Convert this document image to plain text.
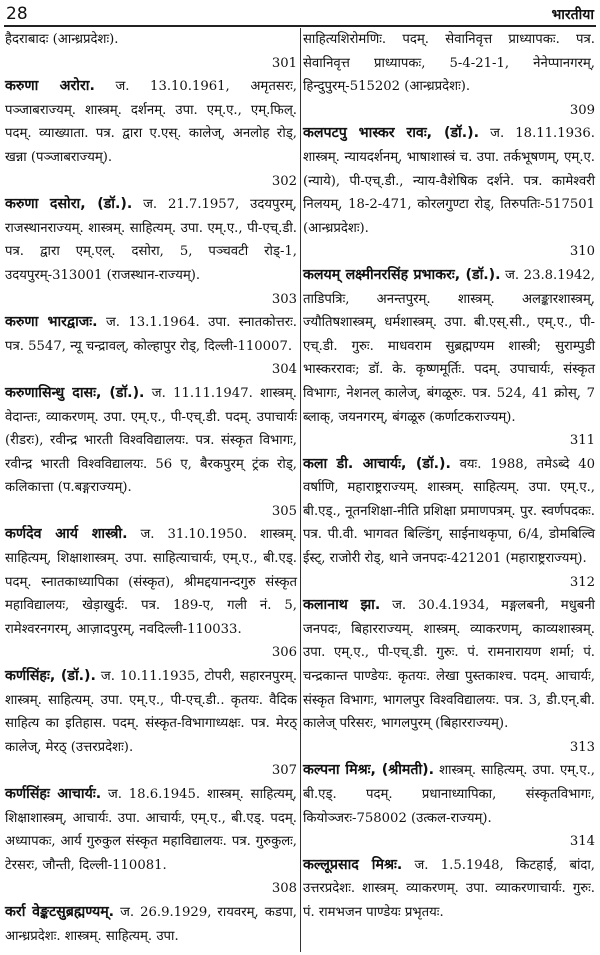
28	भारतीया

हैदराबादः (आन्ध्रप्रदेशः).
301

करुणा अरोरा. ज. 13.10.1961, अमृतसरः, पञ्जाबराज्यम्. शास्त्रम्. दर्शनम्. उपा. एम्.ए., एम्.फिल्. पदम्. व्याख्याता. पत्र. द्वारा ए.एस्. कालेज्, अनलोह रोड्, खन्ना (पञ्जाबराज्यम्).
302

करुणा दसोरा, (डॉ.). ज. 21.7.1957, उदयपुरम्, राजस्थानराज्यम्. शास्त्रम्. साहित्यम्. उपा. एम्.ए., पी-एच्.डी. पत्र. द्वारा एम्.एल्. दसोरा, 5, पञ्चवटी रोड्-1, उदयपुरम्-313001 (राजस्थान-राज्यम्).
303

करुणा भारद्वाजः. ज. 13.1.1964. उपा. स्नातकोत्तरः. पत्र. 5547, न्यू चन्द्रावल्, कोल्हापुर रोड्, दिल्ली-110007.
304

करुणासिन्धु दासः, (डॉ.). ज. 11.11.1947. शास्त्रम्. वेदान्तः, व्याकरणम्. उपा. एम्.ए., पी-एच्.डी. पदम्. उपाचार्यः (रीडरः), रवीन्द्र भारती विश्वविद्यालयः. पत्र. संस्कृत विभागः, रवीन्द्र भारती विश्वविद्यालयः. 56 ए, बैरकपुरम् ट्रंक रोड्, कलिकात्ता (प.बङ्गराज्यम्).
305

कर्णदेव आर्य शास्त्री. ज. 31.10.1950. शास्त्रम्. साहित्यम्, शिक्षाशास्त्रम्. उपा. साहित्याचार्यः, एम्.ए., बी.एड्. पदम्. स्नातकाध्यापिका (संस्कृत), श्रीमद्दयानन्दगुरु संस्कृत महाविद्यालयः, खेड़ाखुर्दः. पत्र. 189-ए, गली नं. 5, रामेश्वरनगरम्, आज़ादपुरम्, नवदिल्ली-110033.
306

कर्णसिंहः, (डॉ.). ज. 10.11.1935, टोपरी, सहारनपुरम्. शास्त्रम्. साहित्यम्. उपा. एम्.ए., पी-एच्.डी.. कृतयः. वैदिक साहित्य का इतिहास. पदम्. संस्कृत-विभागाध्यक्षः. पत्र. मेरठ् कालेज्, मेरठ् (उत्तरप्रदेशः).
307

कर्णसिंहः आचार्यः. ज. 18.6.1945. शास्त्रम्. साहित्यम्, शिक्षाशास्त्रम्, आचार्यः. उपा. आचार्यः, एम्.ए., बी.एड्. पदम्. अध्यापकः, आर्य गुरुकुल संस्कृत महाविद्यालयः. पत्र. गुरुकुलः, टेरसरः, जौन्ती, दिल्ली-110081.
308

कर्रा वेङ्कटसुब्रह्मण्यम्. ज. 26.9.1929, रायवरम्, कडपा, आन्ध्रप्रदेशः. शास्त्रम्. साहित्यम्. उपा.

साहित्यशिरोमणिः. पदम्. सेवानिवृत्त प्राध्यापकः. पत्र. सेवानिवृत्त प्राध्यापकः, 5-4-21-1, नेनेप्पानगरम्, हिन्दुपुरम्-515202 (आन्ध्रप्रदेशः).
309

कलपटपु भास्कर रावः, (डॉ.). ज. 18.11.1936. शास्त्रम्. न्यायदर्शनम्, भाषाशास्त्रं च. उपा. तर्कभूषणम्, एम्.ए. (न्याये), पी-एच्.डी., न्याय-वैशेषिक दर्शने. पत्र. कामेश्वरी निलयम्, 18-2-471, कोरलगुण्टा रोड्, तिरुपतिः-517501 (आन्ध्रप्रदेशः).
310

कलयम् लक्ष्मीनरसिंह प्रभाकरः, (डॉ.). ज. 23.8.1942, ताडिपत्रिः, अनन्तपुरम्. शास्त्रम्. अलङ्कारशास्त्रम्, ज्यौतिषशास्त्रम्, धर्मशास्त्रम्. उपा. बी.एस्.सी., एम्.ए., पी-एच्.डी. गुरुः. माधवराम सुब्रह्मण्यम शास्त्री; सुराम्पुडी भास्कररावः; डॉ. के. कृष्णमूर्तिः. पदम्. उपाचार्यः, संस्कृत विभागः, नेशनल् कालेज्, बंगळूरुः. पत्र. 524, 41 क्रोस्, 7 ब्लाक्, जयनगरम्, बंगळूरु (कर्णाटकराज्यम्).
311

कला डी. आचार्यः, (डॉ.). वयः. 1988, तमेऽब्दे 40 वर्षाणि, महाराष्ट्रराज्यम्. शास्त्रम्. साहित्यम्. उपा. एम्.ए., बी.एड्., नूतनशिक्षा-नीति प्रशिक्षा प्रमाणपत्रम्. पुर. स्वर्णपदकः. पत्र. पी.वी. भागवत बिल्डिंग्, साईनाथकृपा, 6/4, डोमबिल्वि ईस्ट्, राजोरी रोड्, थाने जनपदः-421201 (महाराष्ट्रराज्यम्).
312

कलानाथ झा. ज. 30.4.1934, मङ्गलबनी, मधुबनी जनपदः, बिहारराज्यम्. शास्त्रम्. व्याकरणम्, काव्यशास्त्रम्. उपा. एम्.ए., पी-एच्.डी. गुरुः. पं. रामनारायण शर्मा; पं. चन्द्रकान्त पाण्डेयः. कृतयः. लेखा पुस्तकाश्च. पदम्. आचार्यः, संस्कृत विभागः, भागलपुर विश्वविद्यालयः. पत्र. 3, डी.एन्.बी. कालेज् परिसरः, भागलपुरम् (बिहारराज्यम्).
313

कल्पना मिश्रः, (श्रीमती). शास्त्रम्. साहित्यम्. उपा. एम्.ए., बी.एड्. पदम्. प्रधानाध्यापिका, संस्कृतविभागः, कियोञ्जरः-758002 (उत्कल-राज्यम्).
314

कल्लूप्रसाद मिश्रः. ज. 1.5.1948, किटहाई, बांदा, उत्तरप्रदेशः. शास्त्रम्. व्याकरणम्. उपा. व्याकरणाचार्यः. गुरुः. पं. रामभजन पाण्डेयः प्रभृतयः.
